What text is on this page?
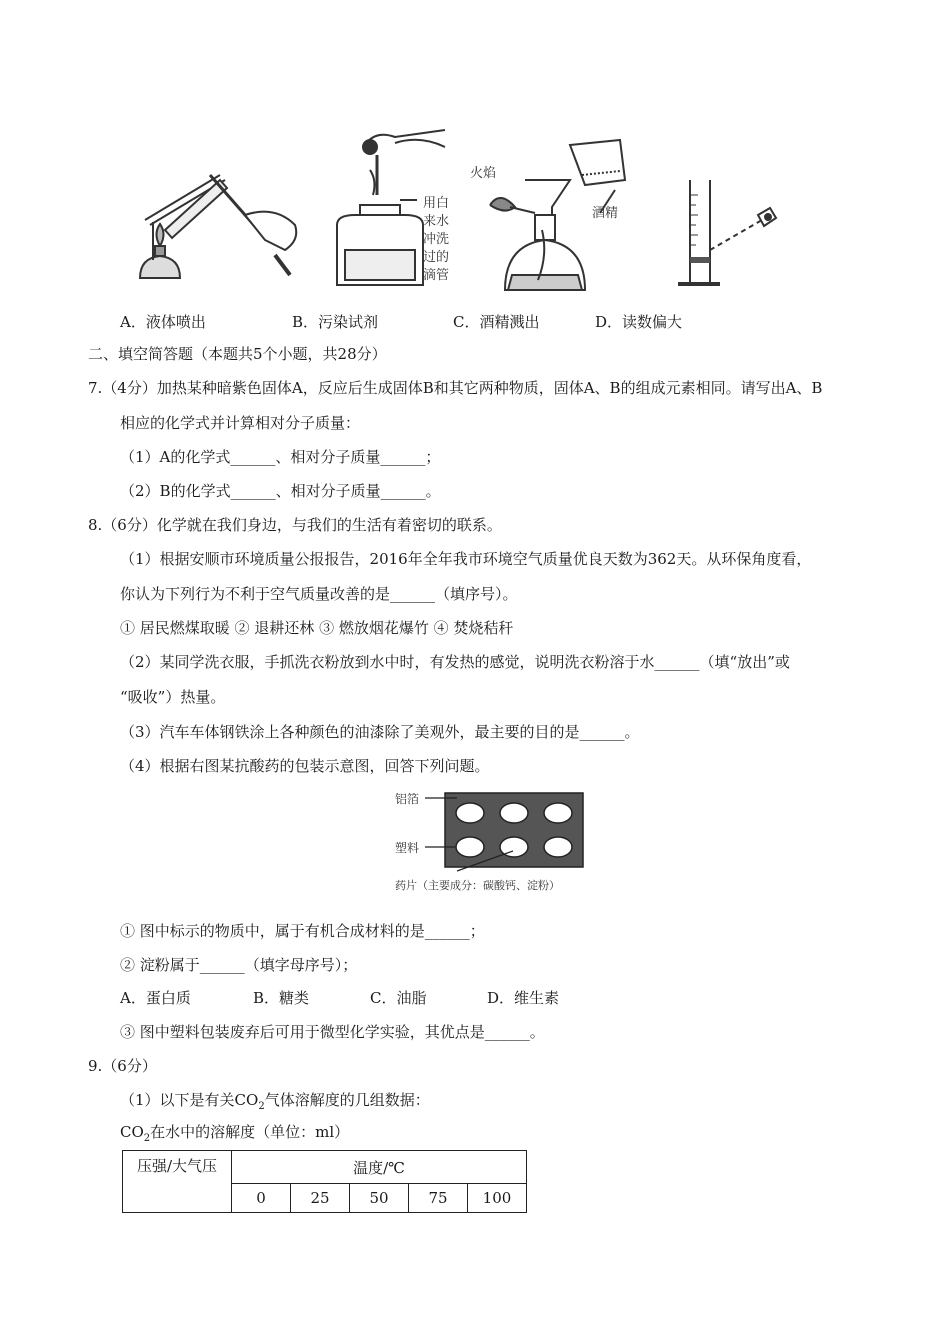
用白
来水
冲洗
过的
滴管
火焰
酒精
A．液体喷出	B．污染试剂	C．酒精溅出	D．读数偏大
二、填空简答题（本题共5个小题，共28分）
7.（4分）加热某种暗紫色固体A，反应后生成固体B和其它两种物质，固体A、B的组成元素相同。请写出A、B
相应的化学式并计算相对分子质量：
（1）A的化学式______、相对分子质量______；
（2）B的化学式______、相对分子质量______。
8.（6分）化学就在我们身边，与我们的生活有着密切的联系。
（1）根据安顺市环境质量公报报告，2016年全年我市环境空气质量优良天数为362天。从环保角度看，
你认为下列行为不利于空气质量改善的是______（填序号）。
① 居民燃煤取暖 ② 退耕还林 ③ 燃放烟花爆竹 ④ 焚烧秸秆
（2）某同学洗衣服，手抓洗衣粉放到水中时，有发热的感觉，说明洗衣粉溶于水______（填“放出”或
“吸收”）热量。
（3）汽车车体钢铁涂上各种颜色的油漆除了美观外，最主要的目的是______。
（4）根据右图某抗酸药的包装示意图，回答下列问题。
铝箔
塑料
药片（主要成分：碳酸钙、淀粉）
① 图中标示的物质中，属于有机合成材料的是______；
② 淀粉属于______（填字母序号）；
A．蛋白质	B．糖类	C．油脂	D．维生素
③ 图中塑料包装废弃后可用于微型化学实验，其优点是______。
9.（6分）
（1）以下是有关$CO_2$气体溶解度的几组数据：
$CO_2$在水中的溶解度（单位：ml）
压强/大气压	温度/℃				
	0	25	50	75	100
